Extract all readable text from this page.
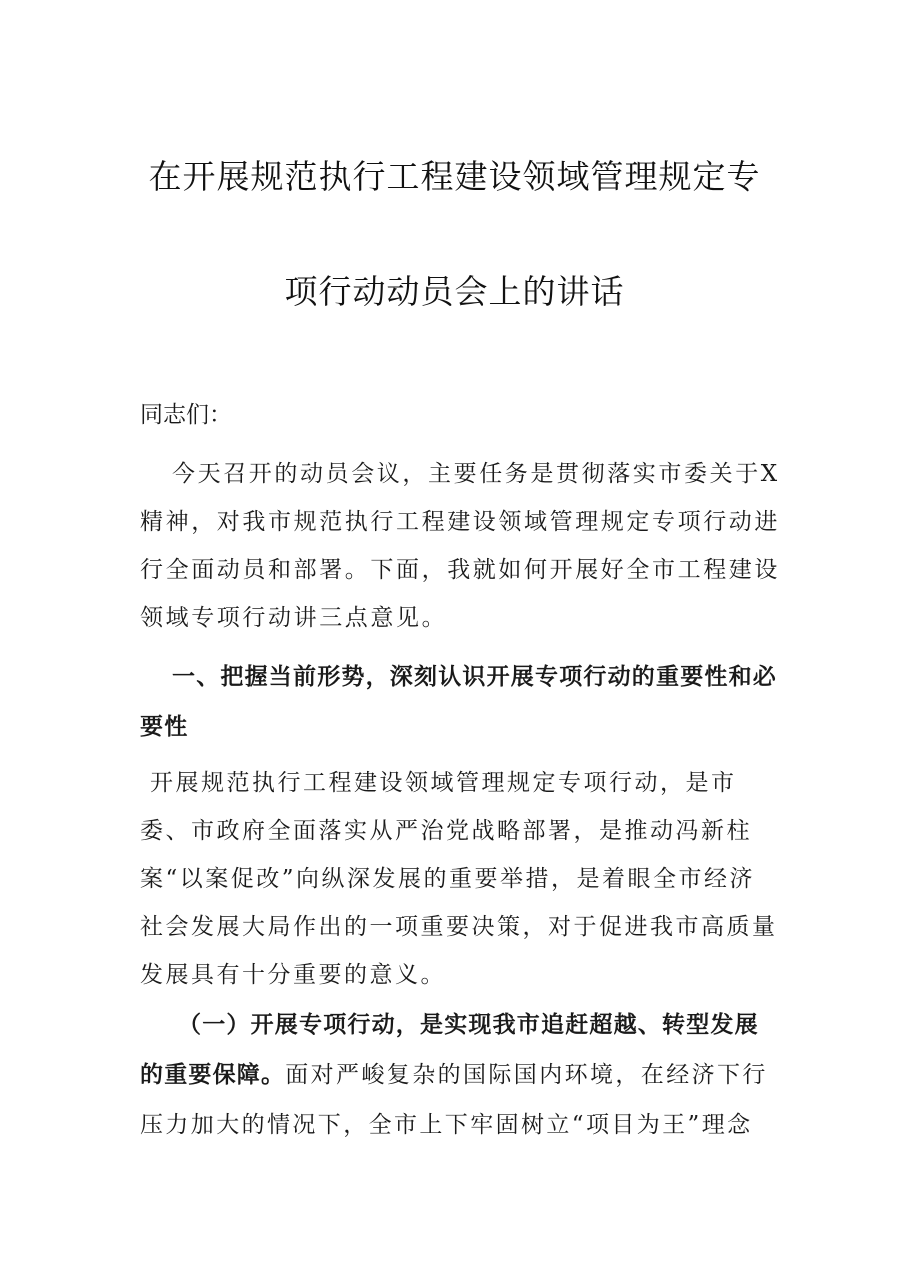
在开展规范执行工程建设领域管理规定专
项行动动员会上的讲话
同志们：
今天召开的动员会议，主要任务是贯彻落实市委关于X精神，对我市规范执行工程建设领域管理规定专项行动进行全面动员和部署。下面，我就如何开展好全市工程建设领域专项行动讲三点意见。
一、把握当前形势，深刻认识开展专项行动的重要性和必要性
开展规范执行工程建设领域管理规定专项行动，是市委、市政府全面落实从严治党战略部署，是推动冯新柱案“以案促改”向纵深发展的重要举措，是着眼全市经济社会发展大局作出的一项重要决策，对于促进我市高质量发展具有十分重要的意义。
（一）开展专项行动，是实现我市追赶超越、转型发展的重要保障。面对严峻复杂的国际国内环境，在经济下行压力加大的情况下，全市上下牢固树立“项目为王”理念
